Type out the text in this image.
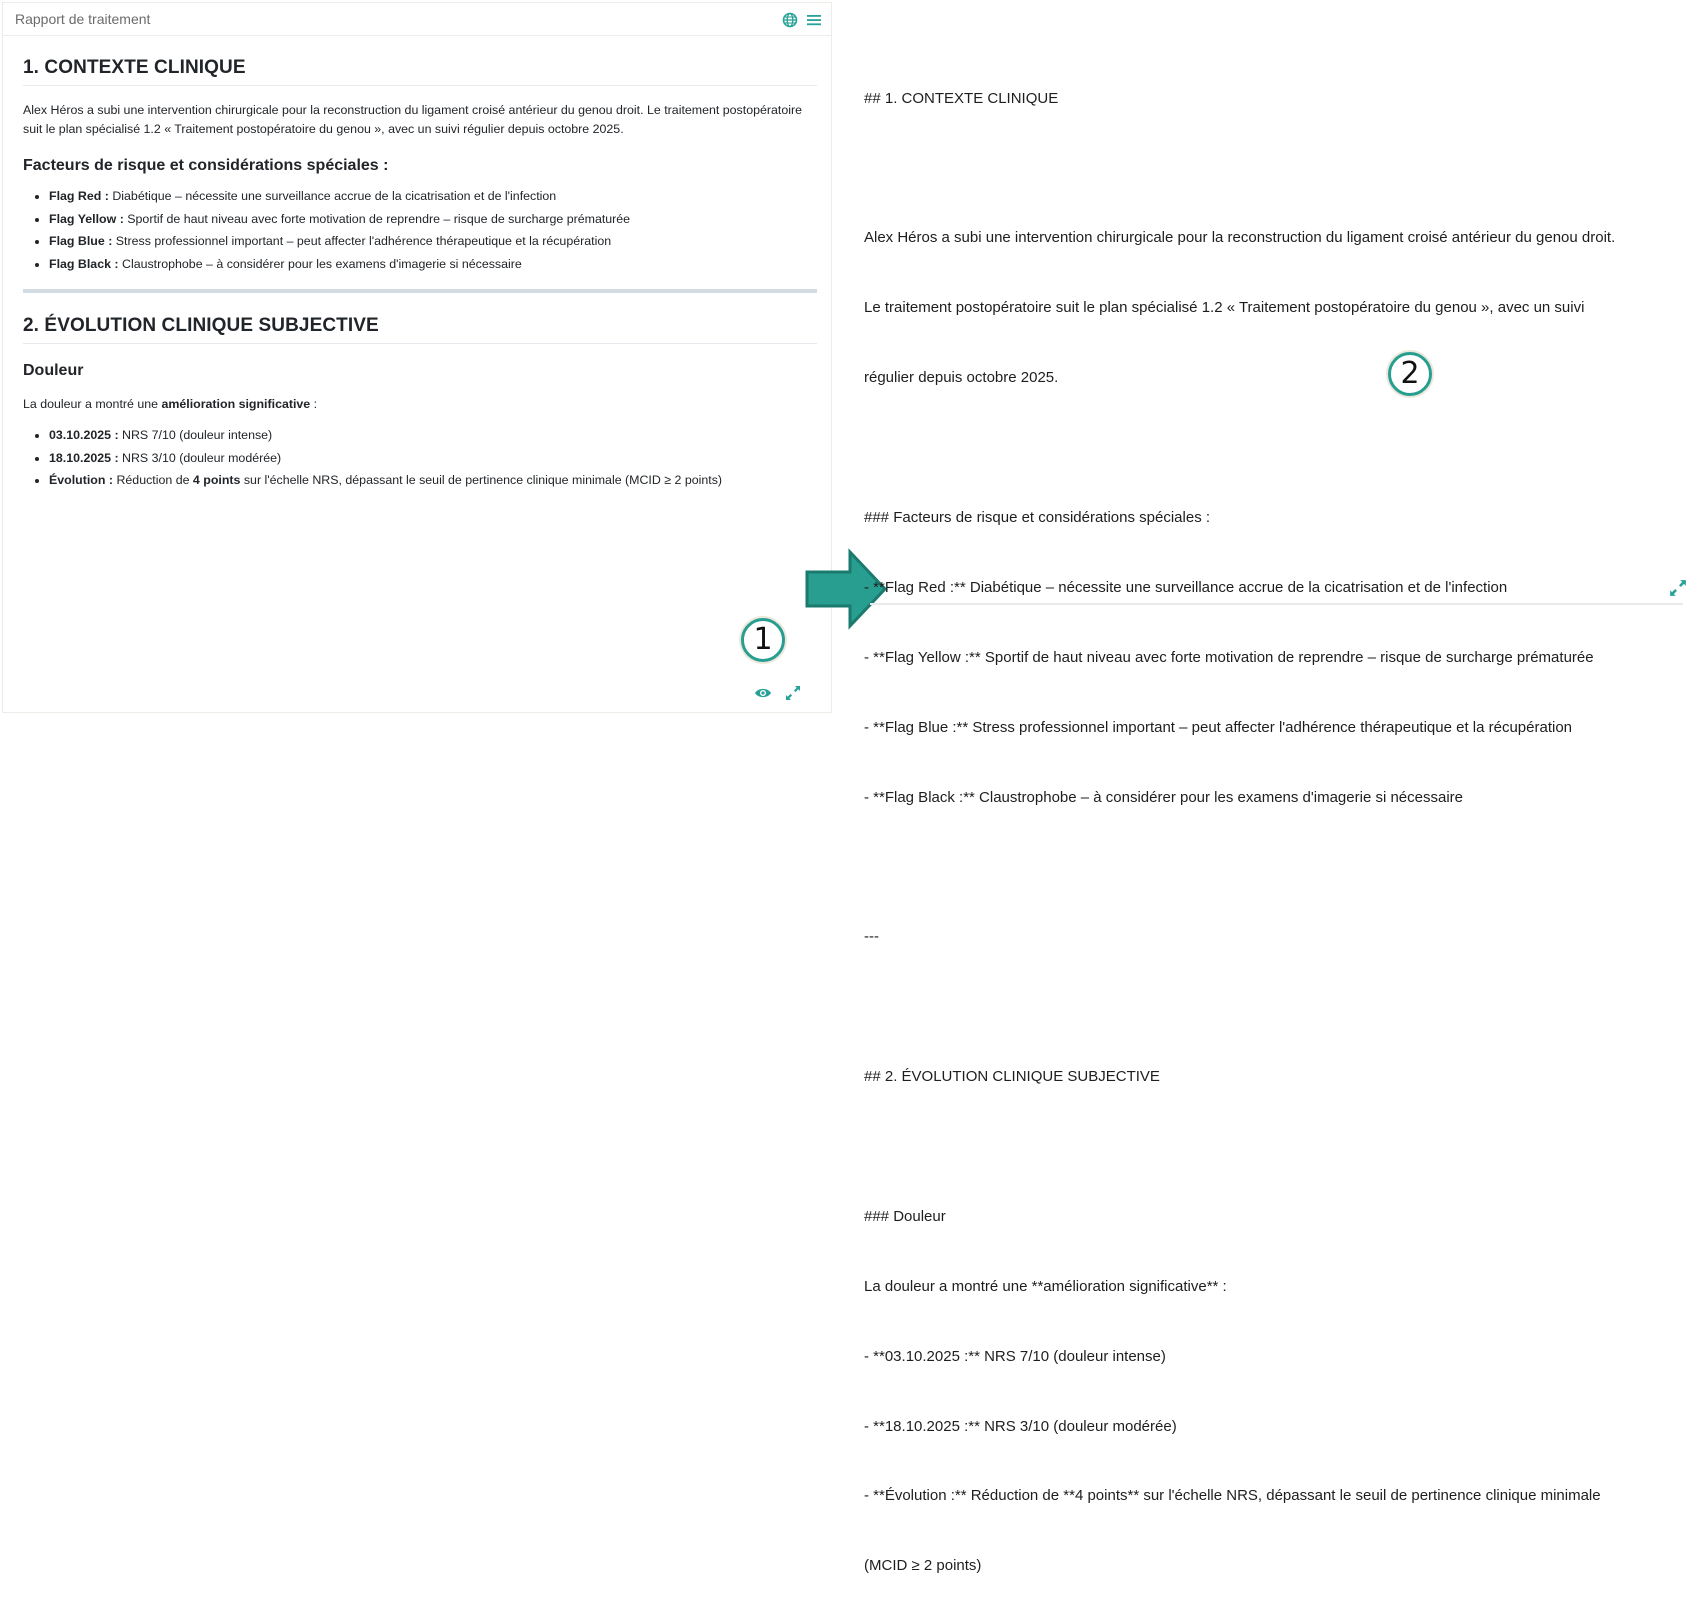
Rapport de traitement
1. CONTEXTE CLINIQUE

Alex Héros a subi une intervention chirurgicale pour la reconstruction du ligament croisé antérieur du genou droit. Le traitement postopératoire suit le plan spécialisé 1.2 « Traitement postopératoire du genou », avec un suivi régulier depuis octobre 2025.

Facteurs de risque et considérations spéciales :
• Flag Red : Diabétique – nécessite une surveillance accrue de la cicatrisation et de l'infection
• Flag Yellow : Sportif de haut niveau avec forte motivation de reprendre – risque de surcharge prématurée
• Flag Blue : Stress professionnel important – peut affecter l'adhérence thérapeutique et la récupération
• Flag Black : Claustrophobe – à considérer pour les examens d'imagerie si nécessaire
2. ÉVOLUTION CLINIQUE SUBJECTIVE
Douleur

La douleur a montré une amélioration significative :

• 03.10.2025 : NRS 7/10 (douleur intense)
• 18.10.2025 : NRS 3/10 (douleur modérée)
• Évolution : Réduction de 4 points sur l'échelle NRS, dépassant le seuil de pertinence clinique minimale (MCID ≥ 2 points)
1

## 1. CONTEXTE CLINIQUE

Alex Héros a subi une intervention chirurgicale pour la reconstruction du ligament croisé antérieur du genou droit.

Le traitement postopératoire suit le plan spécialisé 1.2 « Traitement postopératoire du genou », avec un suivi

régulier depuis octobre 2025.

### Facteurs de risque et considérations spéciales :

- **Flag Red :** Diabétique – nécessite une surveillance accrue de la cicatrisation et de l'infection

- **Flag Yellow :** Sportif de haut niveau avec forte motivation de reprendre – risque de surcharge prématurée

- **Flag Blue :** Stress professionnel important – peut affecter l'adhérence thérapeutique et la récupération

- **Flag Black :** Claustrophobe – à considérer pour les examens d'imagerie si nécessaire

---

## 2. ÉVOLUTION CLINIQUE SUBJECTIVE

### Douleur

La douleur a montré une **amélioration significative** :

- **03.10.2025 :** NRS 7/10 (douleur intense)

- **18.10.2025 :** NRS 3/10 (douleur modérée)

- **Évolution :** Réduction de **4 points** sur l'échelle NRS, dépassant le seuil de pertinence clinique minimale

(MCID ≥ 2 points)

2
